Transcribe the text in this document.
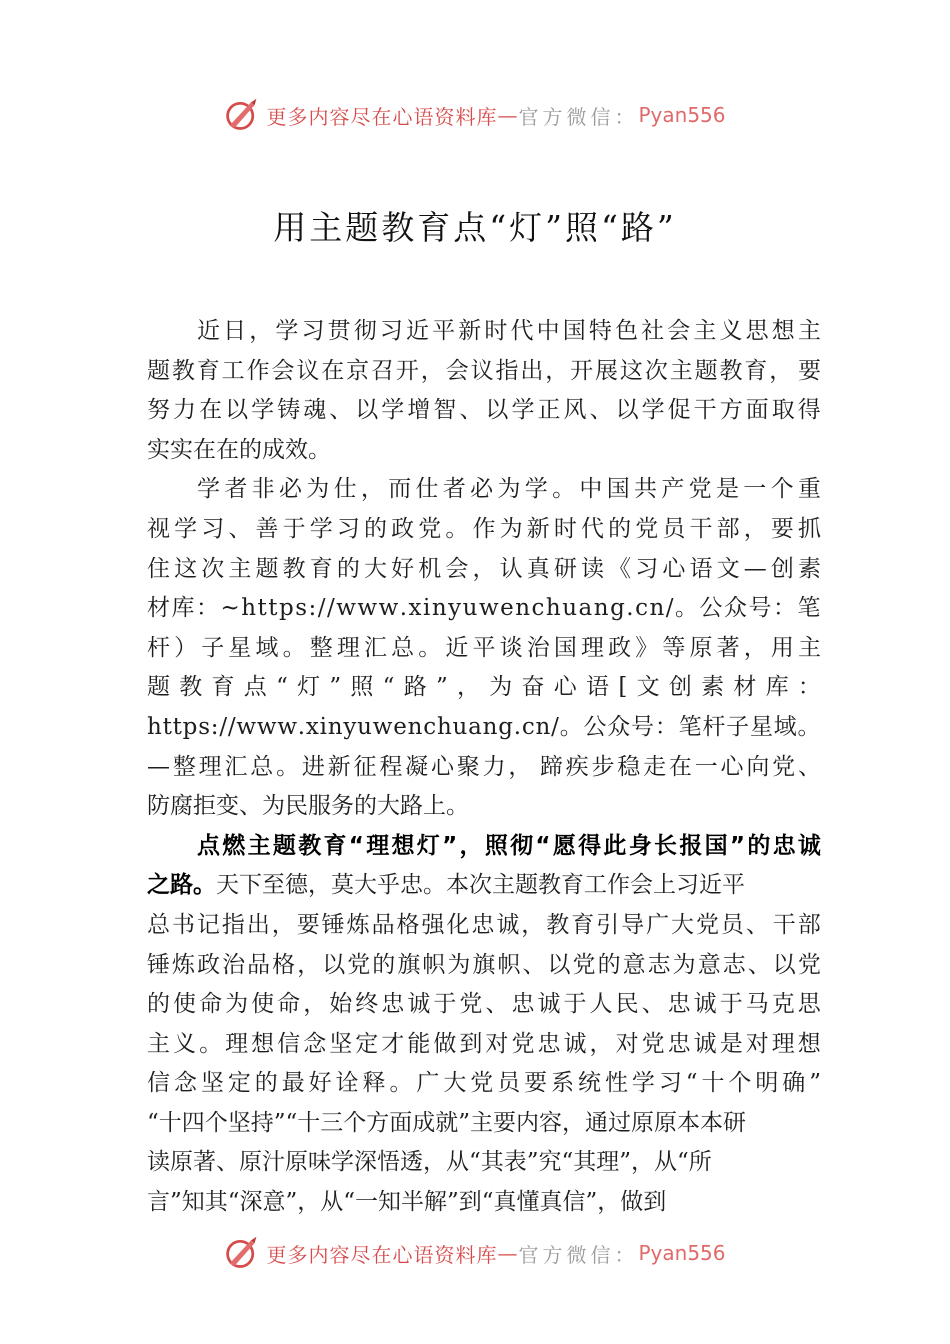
更多内容尽在心语资料库 — 官方微信： Pyan556
用主题教育点“灯”照“路”
近 日 ， 学 习 贯 彻 习 近 平 新 时 代 中 国 特 色 社 会 主 义 思 想 主
题 教 育 工 作 会 议 在 京 召 开 ， 会 议 指 出 ， 开 展 这 次 主 题 教 育 ， 要
努 力 在 以 学 铸 魂 、 以 学 增 智 、 以 学 正 风 、 以 学 促 干 方 面 取 得
实实在在的成效。
学 者 非 必 为 仕 ， 而 仕 者 必 为 学 。 中 国 共 产 党 是 一 个 重
视 学 习 、 善 于 学 习 的 政 党 。 作 为 新 时 代 的 党 员 干 部 ， 要 抓
住 这 次 主 题 教 育 的 大 好 机 会 ， 认 真 研 读 《 习 心 语 文 — 创 素
材 库 ： ~ h t t p s : / / w w w . x i n y u w e n c h u a n g . c n / 。 公 众 号 ： 笔
杆 ） 子 星 域 。 整 理 汇 总 。 近 平 谈 治 国 理 政 》 等 原 著 ， 用 主
题 教 育 点 “ 灯 ” 照 “ 路 ” ， 为 奋 心 语 [ 文 创 素 材 库 ：
h t t p s : / / w w w . x i n y u w e n c h u a n g . c n / 。 公 众 号 ： 笔 杆 子 星 域 。
— 整 理 汇 总 。 进 新 征 程 凝 心 聚 力 ， 蹄 疾 步 稳 走 在 一 心 向 党 、
防腐拒变、为民服务的大路上。
点 燃 主 题 教 育 “ 理 想 灯 ” ， 照 彻 “ 愿 得 此 身 长 报 国 ” 的 忠 诚
之路。 天下至德，莫大乎忠。本次主题教育工作会上习近平
总 书 记 指 出 ， 要 锤 炼 品 格 强 化 忠 诚 ， 教 育 引 导 广 大 党 员 、 干 部
锤 炼 政 治 品 格 ， 以 党 的 旗 帜 为 旗 帜 、 以 党 的 意 志 为 意 志 、 以 党
的 使 命 为 使 命 ， 始 终 忠 诚 于 党 、 忠 诚 于 人 民 、 忠 诚 于 马 克 思
主 义 。 理 想 信 念 坚 定 才 能 做 到 对 党 忠 诚 ， 对 党 忠 诚 是 对 理 想
信 念 坚 定 的 最 好 诠 释 。 广 大 党 员 要 系 统 性 学 习 “ 十 个 明 确 ”
“十四个坚持”“十三个方面成就”主要内容，通过原原本本研
读原著、原汁原味学深悟透，从“其表”究“其理”，从“所
言”知其“深意”，从“一知半解”到“真懂真信”，做到
更多内容尽在心语资料库 — 官方微信： Pyan556
